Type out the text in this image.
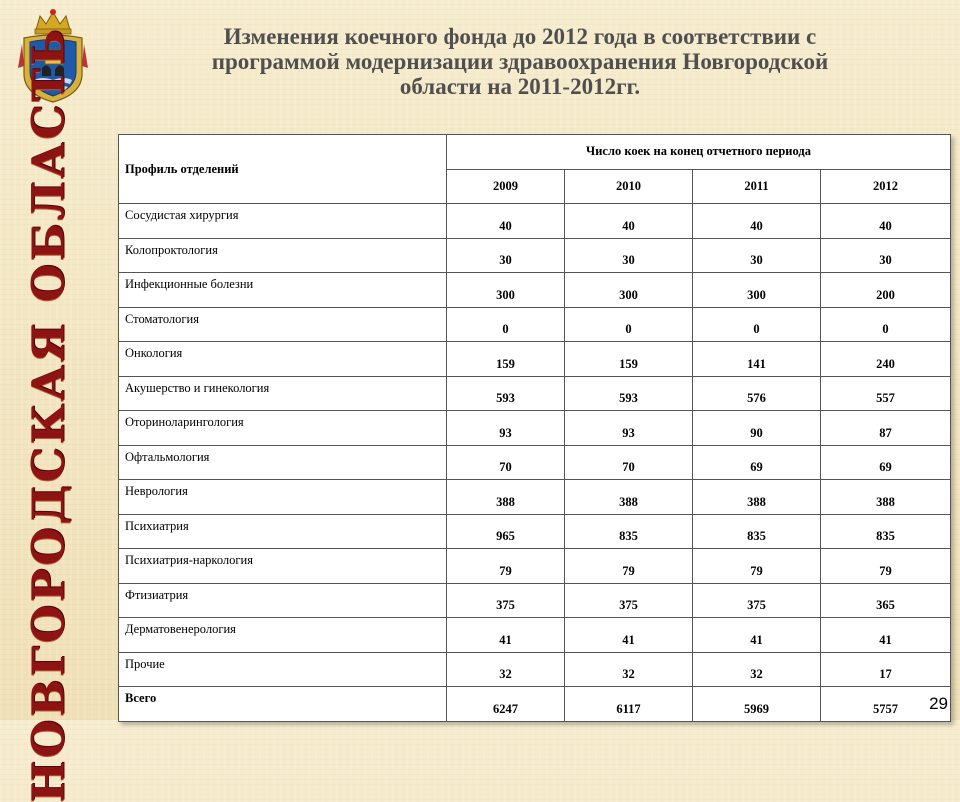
НОВГОРОДСКАЯ ОБЛАСТЬ	Изменения коечного фонда до 2012 года в соответствии с
программой модернизации здравоохранения Новгородской
области на 2011-2012гг.
Профиль отделений	Число коек на конец отчетного периода			
	2009	2010	2011	2012
Сосудистая хирургия	40	40	40	40
Колопроктология	30	30	30	30
Инфекционные болезни	300	300	300	200
Стоматология	0	0	0	0
Онкология	159	159	141	240
Акушерство и гинекология	593	593	576	557
Оториноларингология	93	93	90	87
Офтальмология	70	70	69	69
Неврология	388	388	388	388
Психиатрия	965	835	835	835
Психиатрия-наркология	79	79	79	79
Фтизиатрия	375	375	375	365
Дерматовенерология	41	41	41	41
Прочие	32	32	32	17
Всего	6247	6117	5969	5757 29
